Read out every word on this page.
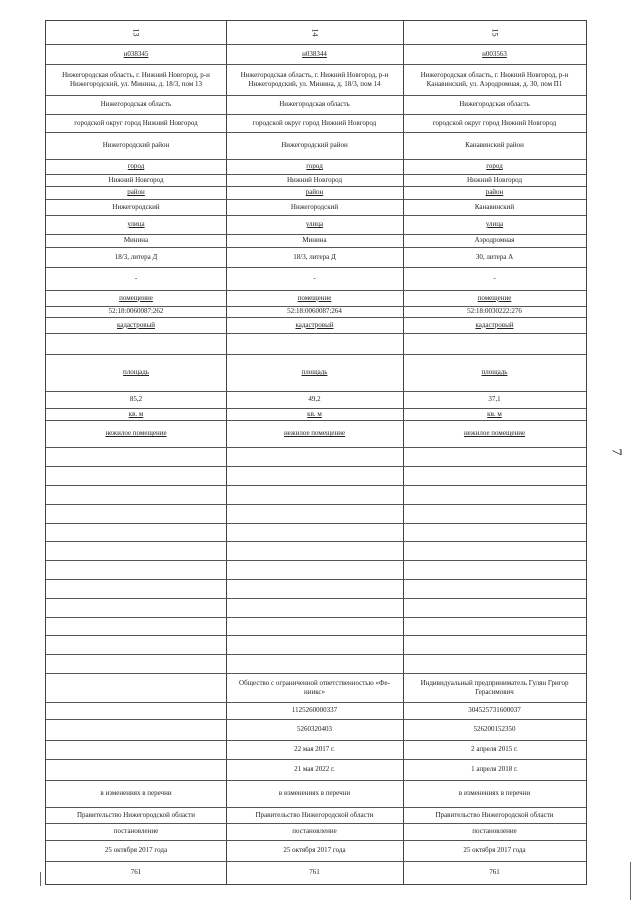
13
н038345
Нижегородская область, г. Нижний Новгород, р-н Нижегородский, ул. Минина, д. 18/3, пом 13
Нижегородская область
городской округ город Нижний Новгород
Нижегородский район
город
Нижний Новгород
район
Нижегородский
улица
Минина
18/3, литера Д
-
помещение
52:18:0060087:262
кадастровый
площадь
85,2
кв. м
нежилое помещение
в изменениях в перечни
Правительство Нижегородской области
постановление
25 октября 2017 года
761
14
н038344
Нижегородская область, г. Нижний Новгород, р-н Нижегородский, ул. Минина, д. 18/3, пом 14
Нижегородская область
городской округ город Нижний Новгород
Нижегородский район
город
Нижний Новгород
район
Нижегородский
улица
Минина
18/3, литера Д
-
помещение
52:18:0060087:264
кадастровый
площадь
49,2
кв. м
нежилое помещение
Общество с ограниченной ответственностью «Фе-ниикс»
1125260000337
5260320403
22 мая 2017 г.
21 мая 2022 г.
в изменениях в перечни
Правительство Нижегородской области
постановление
25 октября 2017 года
761
15
н003563
Нижегородская область, г. Нижний Новгород, р-н Канавинский, ул. Аэродромная, д. 30, пом П1
Нижегородская область
городской округ город Нижний Новгород
Канавинский район
город
Нижний Новгород
район
Канавинский
улица
Аэродромная
30, литера А
-
помещение
52:18:0030222:276
кадастровый
площадь
37,1
кв. м
нежилое помещение
Индивидуальный предприниматель Гулян Григор Герасимович
304525731600037
526200152350
2 апреля 2015 г.
1 апреля 2018 г.
в изменениях в перечни
Правительство Нижегородской области
постановление
25 октября 2017 года
761
7
